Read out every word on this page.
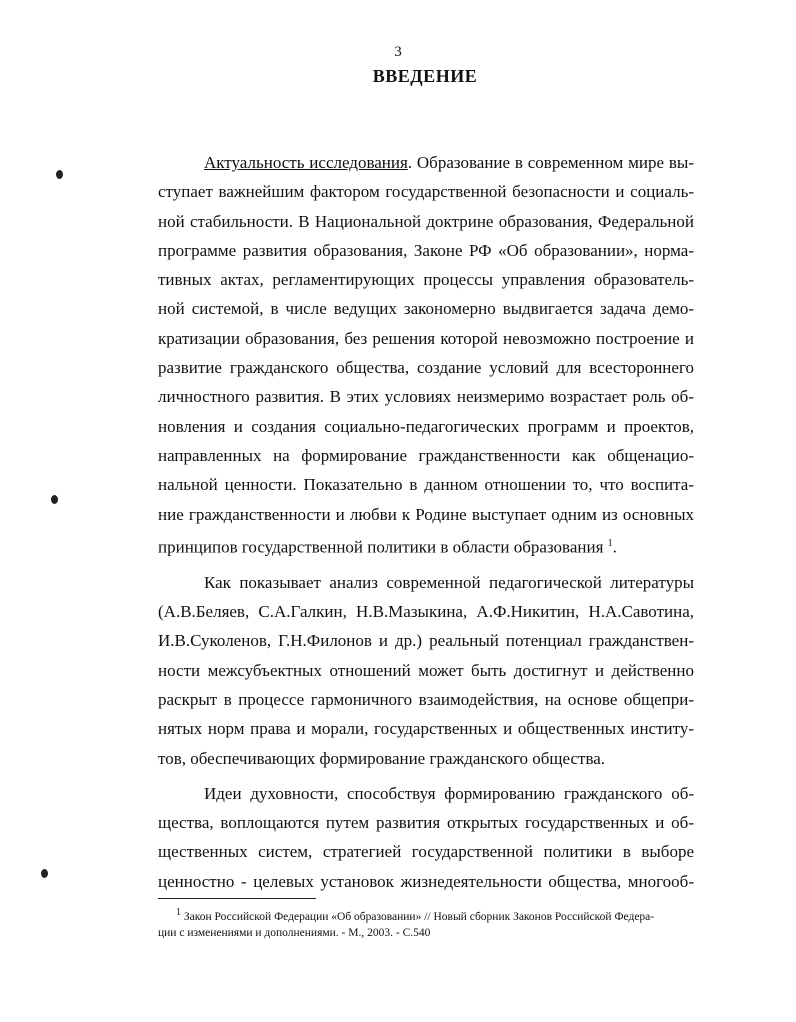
3
ВВЕДЕНИЕ

Актуальность исследования. Образование в современном мире вы-
ступает важнейшим фактором государственной безопасности и социаль-
ной стабильности. В Национальной доктрине образования, Федеральной
программе развития образования, Законе РФ «Об образовании», норма-
тивных актах, регламентирующих процессы управления образователь-
ной системой, в числе ведущих закономерно выдвигается задача демо-
кратизации образования, без решения которой невозможно построение и
развитие гражданского общества, создание условий для всестороннего
личностного развития. В этих условиях неизмеримо возрастает роль об-
новления и создания социально-педагогических программ и проектов,
направленных на формирование гражданственности как общенацио-
нальной ценности. Показательно в данном отношении то, что воспита-
ние гражданственности и любви к Родине выступает одним из основных
принципов государственной политики в области образования $^1$.

Как показывает анализ современной педагогической литературы
(А.В.Беляев, С.А.Галкин, Н.В.Мазыкина, А.Ф.Никитин, Н.А.Савотина,
И.В.Суколенов, Г.Н.Филонов и др.) реальный потенциал гражданствен-
ности межсубъектных отношений может быть достигнут и действенно
раскрыт в процессе гармоничного взаимодействия, на основе общепри-
нятых норм права и морали, государственных и общественных институ-
тов, обеспечивающих формирование гражданского общества.

Идеи духовности, способствуя формированию гражданского об-
щества, воплощаются путем развития открытых государственных и об-
щественных систем, стратегией государственной политики в выборе
ценностно - целевых установок жизнедеятельности общества, многооб-

1 Закон Российской Федерации «Об образовании» // Новый сборник Законов Российской Федера-
ции с изменениями и дополнениями. - М., 2003. - С.540
